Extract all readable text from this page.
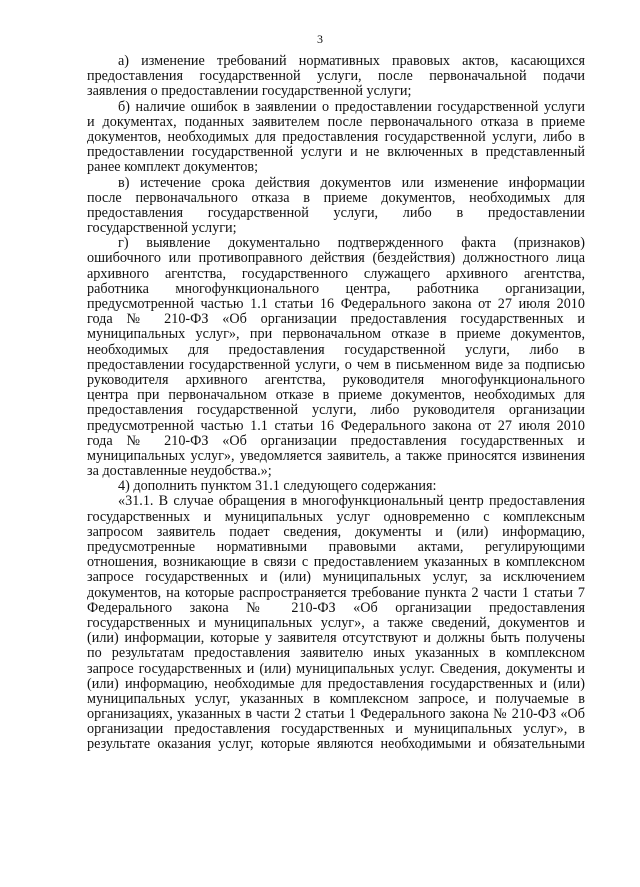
3
а) изменение требований нормативных правовых актов, касающихся
предоставления государственной услуги, после первоначальной подачи
заявления о предоставлении государственной услуги;
б) наличие ошибок в заявлении о предоставлении государственной услуги
и документах, поданных заявителем после первоначального отказа в приеме
документов, необходимых для предоставления государственной услуги, либо в
предоставлении государственной услуги и не включенных в представленный
ранее комплект документов;
в) истечение срока действия документов или изменение информации
после первоначального отказа в приеме документов, необходимых для
предоставления государственной услуги, либо в предоставлении
государственной услуги;
г) выявление документально подтвержденного факта (признаков)
ошибочного или противоправного действия (бездействия) должностного лица
архивного агентства, государственного служащего архивного агентства,
работника многофункционального центра, работника организации,
предусмотренной частью 1.1 статьи 16 Федерального закона от 27 июля 2010
года № 210-ФЗ «Об организации предоставления государственных и
муниципальных услуг», при первоначальном отказе в приеме документов,
необходимых для предоставления государственной услуги, либо в
предоставлении государственной услуги, о чем в письменном виде за подписью
руководителя архивного агентства, руководителя многофункционального
центра при первоначальном отказе в приеме документов, необходимых для
предоставления государственной услуги, либо руководителя организации
предусмотренной частью 1.1 статьи 16 Федерального закона от 27 июля 2010
года № 210-ФЗ «Об организации предоставления государственных и
муниципальных услуг», уведомляется заявитель, а также приносятся извинения
за доставленные неудобства.»;
4) дополнить пунктом 31.1 следующего содержания:
«31.1. В случае обращения в многофункциональный центр предоставления
государственных и муниципальных услуг одновременно с комплексным
запросом заявитель подает сведения, документы и (или) информацию,
предусмотренные нормативными правовыми актами, регулирующими
отношения, возникающие в связи с предоставлением указанных в комплексном
запросе государственных и (или) муниципальных услуг, за исключением
документов, на которые распространяется требование пункта 2 части 1 статьи 7
Федерального закона № 210-ФЗ «Об организации предоставления
государственных и муниципальных услуг», а также сведений, документов и
(или) информации, которые у заявителя отсутствуют и должны быть получены
по результатам предоставления заявителю иных указанных в комплексном
запросе государственных и (или) муниципальных услуг. Сведения, документы и
(или) информацию, необходимые для предоставления государственных и (или)
муниципальных услуг, указанных в комплексном запросе, и получаемые в
организациях, указанных в части 2 статьи 1 Федерального закона № 210-ФЗ «Об
организации предоставления государственных и муниципальных услуг», в
результате оказания услуг, которые являются необходимыми и обязательными
